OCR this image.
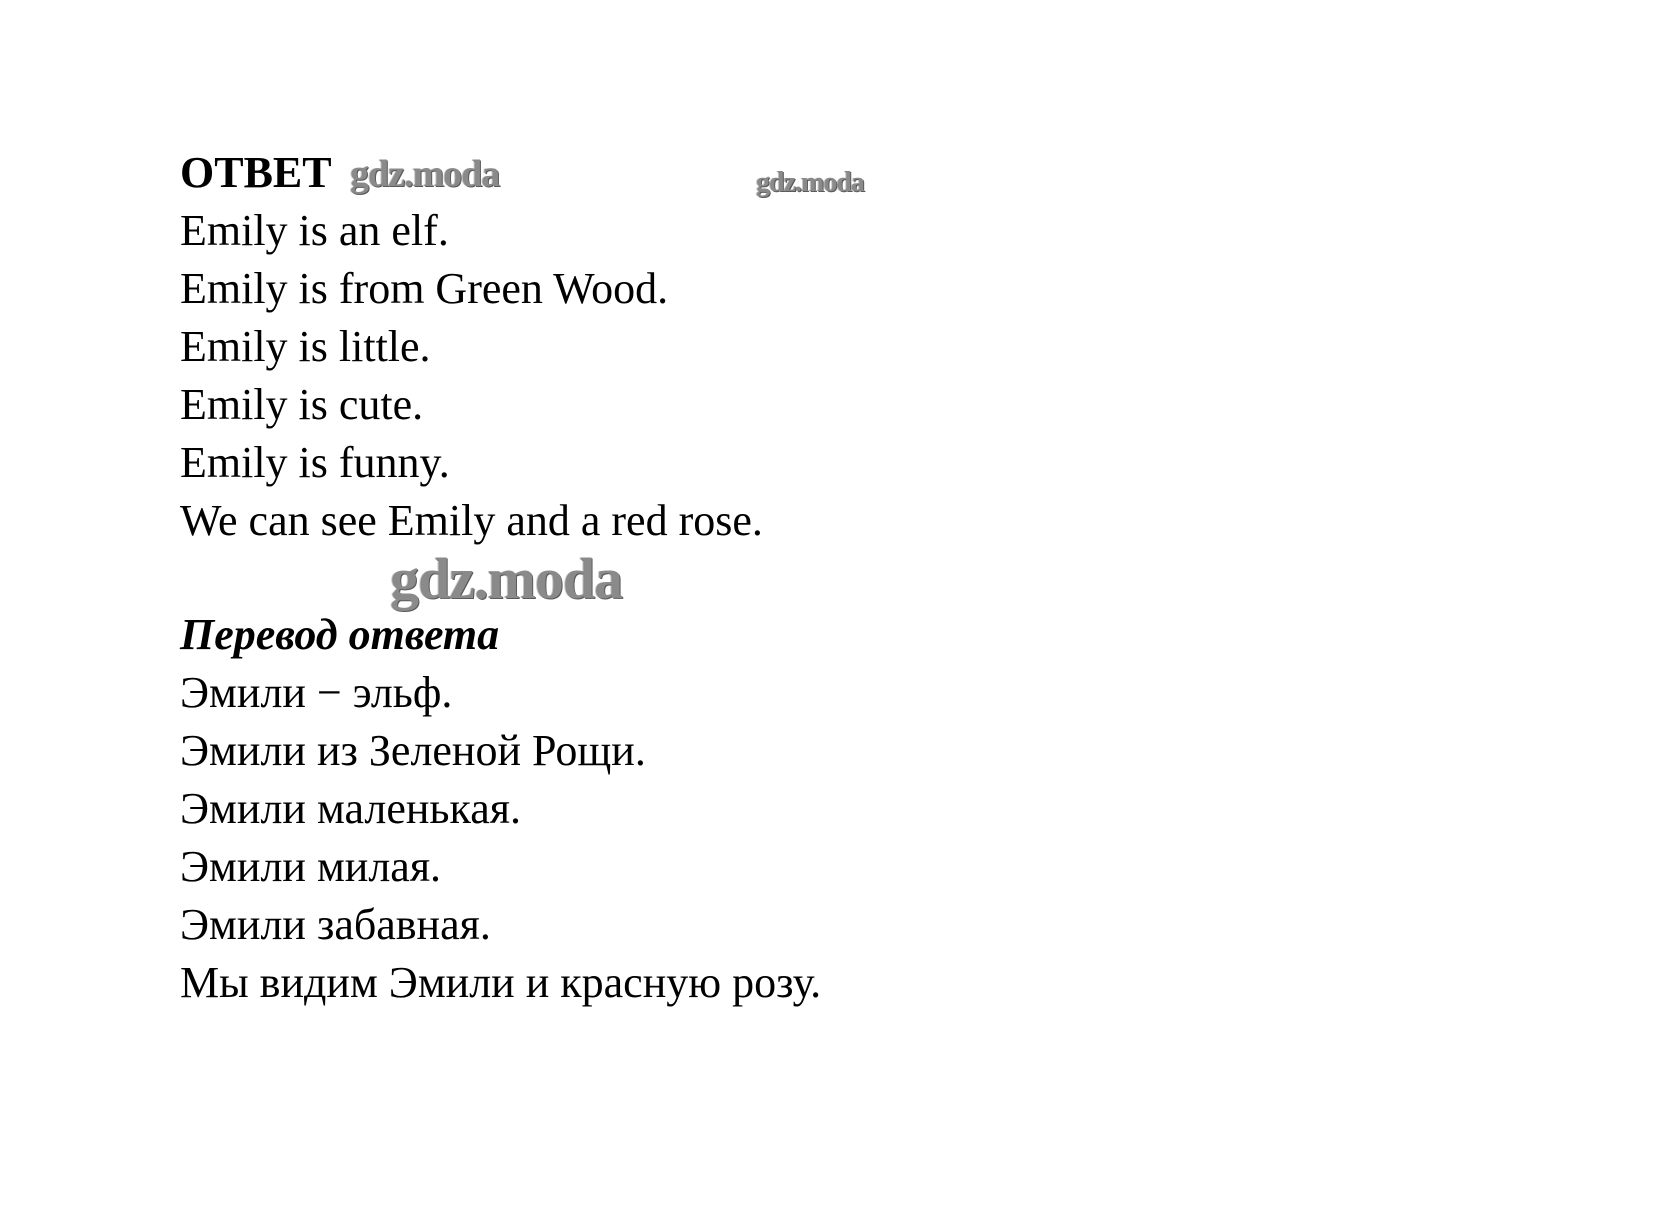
ОТВЕТ
Emily is an elf.
Emily is from Green Wood.
Emily is little.
Emily is cute.
Emily is funny.
We can see Emily and a red rose.
Перевод ответа
Эмили − эльф.
Эмили из Зеленой Рощи.
Эмили маленькая.
Эмили милая.
Эмили забавная.
Мы видим Эмили и красную розу.
gdz.moda	gdz.moda
gdz.moda
